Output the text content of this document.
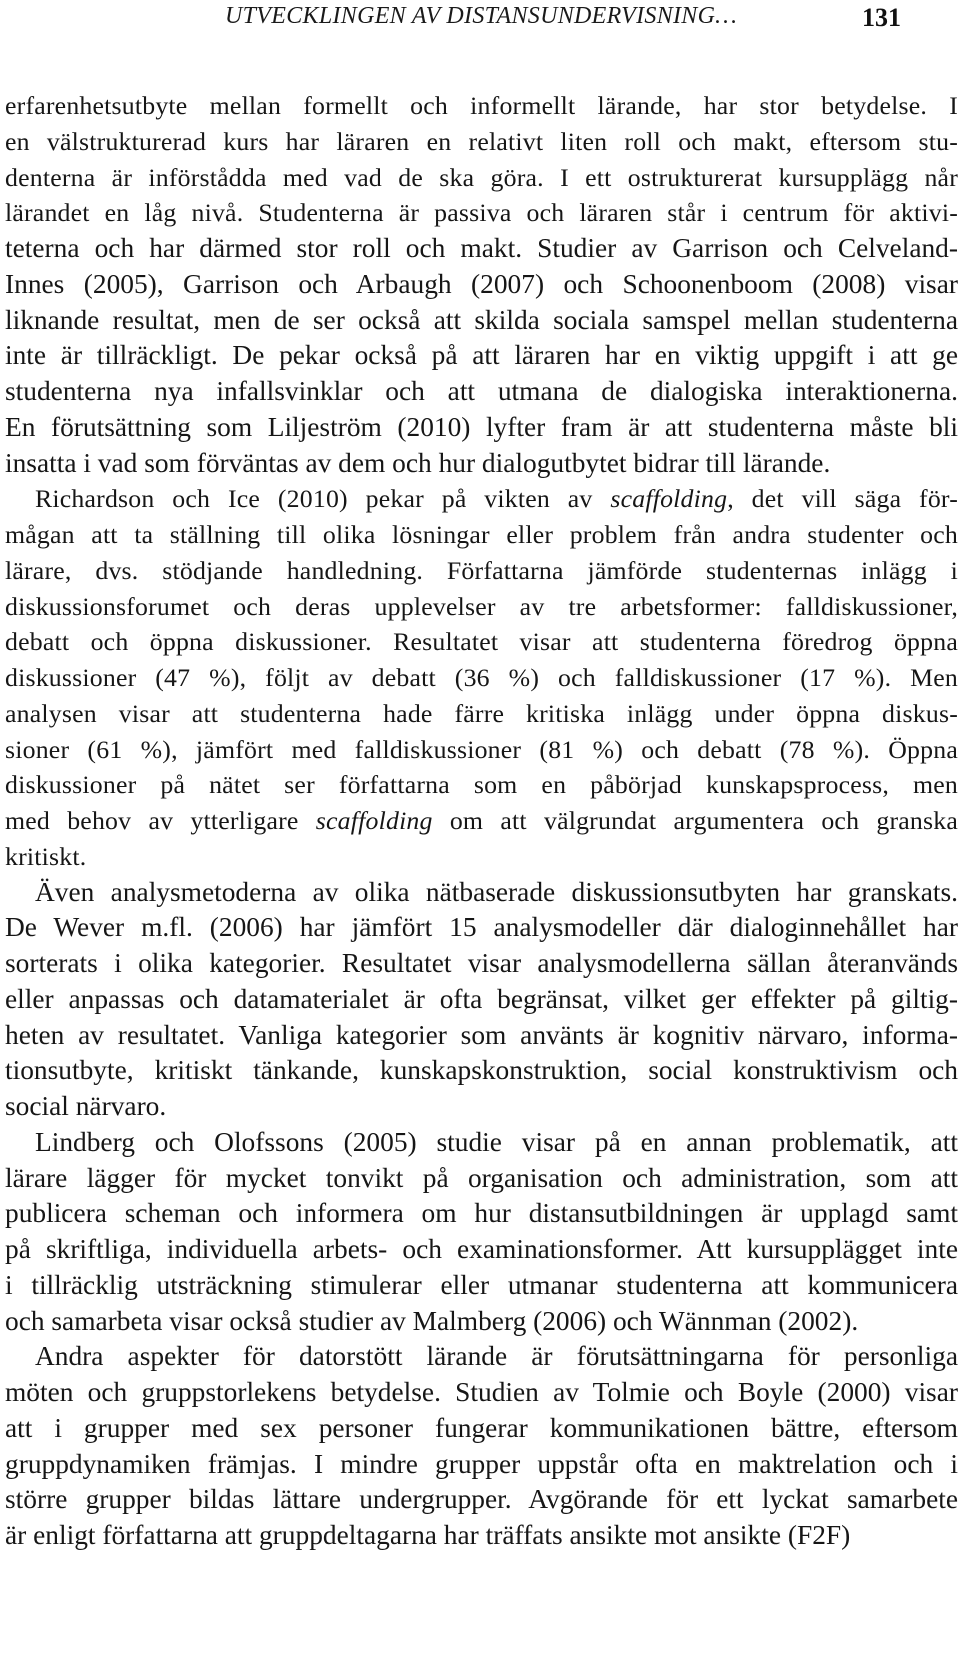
UTVECKLINGEN AV DISTANSUNDERVISNING…	131

erfarenhetsutbyte mellan formellt och informellt lärande, har stor betydelse. I
en välstrukturerad kurs har läraren en relativt liten roll och makt, eftersom stu-
denterna är införstådda med vad de ska göra. I ett ostrukturerat kursupplägg når
lärandet en låg nivå. Studenterna är passiva och läraren står i centrum för aktivi-
teterna och har därmed stor roll och makt. Studier av Garrison och Celveland-
Innes (2005), Garrison och Arbaugh (2007) och Schoonenboom (2008) visar
liknande resultat, men de ser också att skilda sociala samspel mellan studenterna
inte är tillräckligt. De pekar också på att läraren har en viktig uppgift i att ge
studenterna nya infallsvinklar och att utmana de dialogiska interaktionerna.
En förutsättning som Liljeström (2010) lyfter fram är att studenterna måste bli
insatta i vad som förväntas av dem och hur dialogutbytet bidrar till lärande.

Richardson och Ice (2010) pekar på vikten av scaffolding, det vill säga för-
mågan att ta ställning till olika lösningar eller problem från andra studenter och
lärare, dvs. stödjande handledning. Författarna jämförde studenternas inlägg i
diskussionsforumet och deras upplevelser av tre arbetsformer: falldiskussioner,
debatt och öppna diskussioner. Resultatet visar att studenterna föredrog öppna
diskussioner (47 %), följt av debatt (36 %) och falldiskussioner (17 %). Men
analysen visar att studenterna hade färre kritiska inlägg under öppna diskus-
sioner (61 %), jämfört med falldiskussioner (81 %) och debatt (78 %). Öppna
diskussioner på nätet ser författarna som en påbörjad kunskapsprocess, men
med behov av ytterligare scaffolding om att välgrundat argumentera och granska
kritiskt.

Även analysmetoderna av olika nätbaserade diskussionsutbyten har granskats.
De Wever m.fl. (2006) har jämfört 15 analysmodeller där dialoginnehållet har
sorterats i olika kategorier. Resultatet visar analysmodellerna sällan återanvänds
eller anpassas och datamaterialet är ofta begränsat, vilket ger effekter på giltig-
heten av resultatet. Vanliga kategorier som använts är kognitiv närvaro, informa-
tionsutbyte, kritiskt tänkande, kunskapskonstruktion, social konstruktivism och
social närvaro.

Lindberg och Olofssons (2005) studie visar på en annan problematik, att
lärare lägger för mycket tonvikt på organisation och administration, som att
publicera scheman och informera om hur distansutbildningen är upplagd samt
på skriftliga, individuella arbets- och examinationsformer. Att kursupplägget inte
i tillräcklig utsträckning stimulerar eller utmanar studenterna att kommunicera
och samarbeta visar också studier av Malmberg (2006) och Wännman (2002).

Andra aspekter för datorstött lärande är förutsättningarna för personliga
möten och gruppstorlekens betydelse. Studien av Tolmie och Boyle (2000) visar
att i grupper med sex personer fungerar kommunikationen bättre, eftersom
gruppdynamiken främjas. I mindre grupper uppstår ofta en maktrelation och i
större grupper bildas lättare undergrupper. Avgörande för ett lyckat samarbete
är enligt författarna att gruppdeltagarna har träffats ansikte mot ansikte (F2F)
